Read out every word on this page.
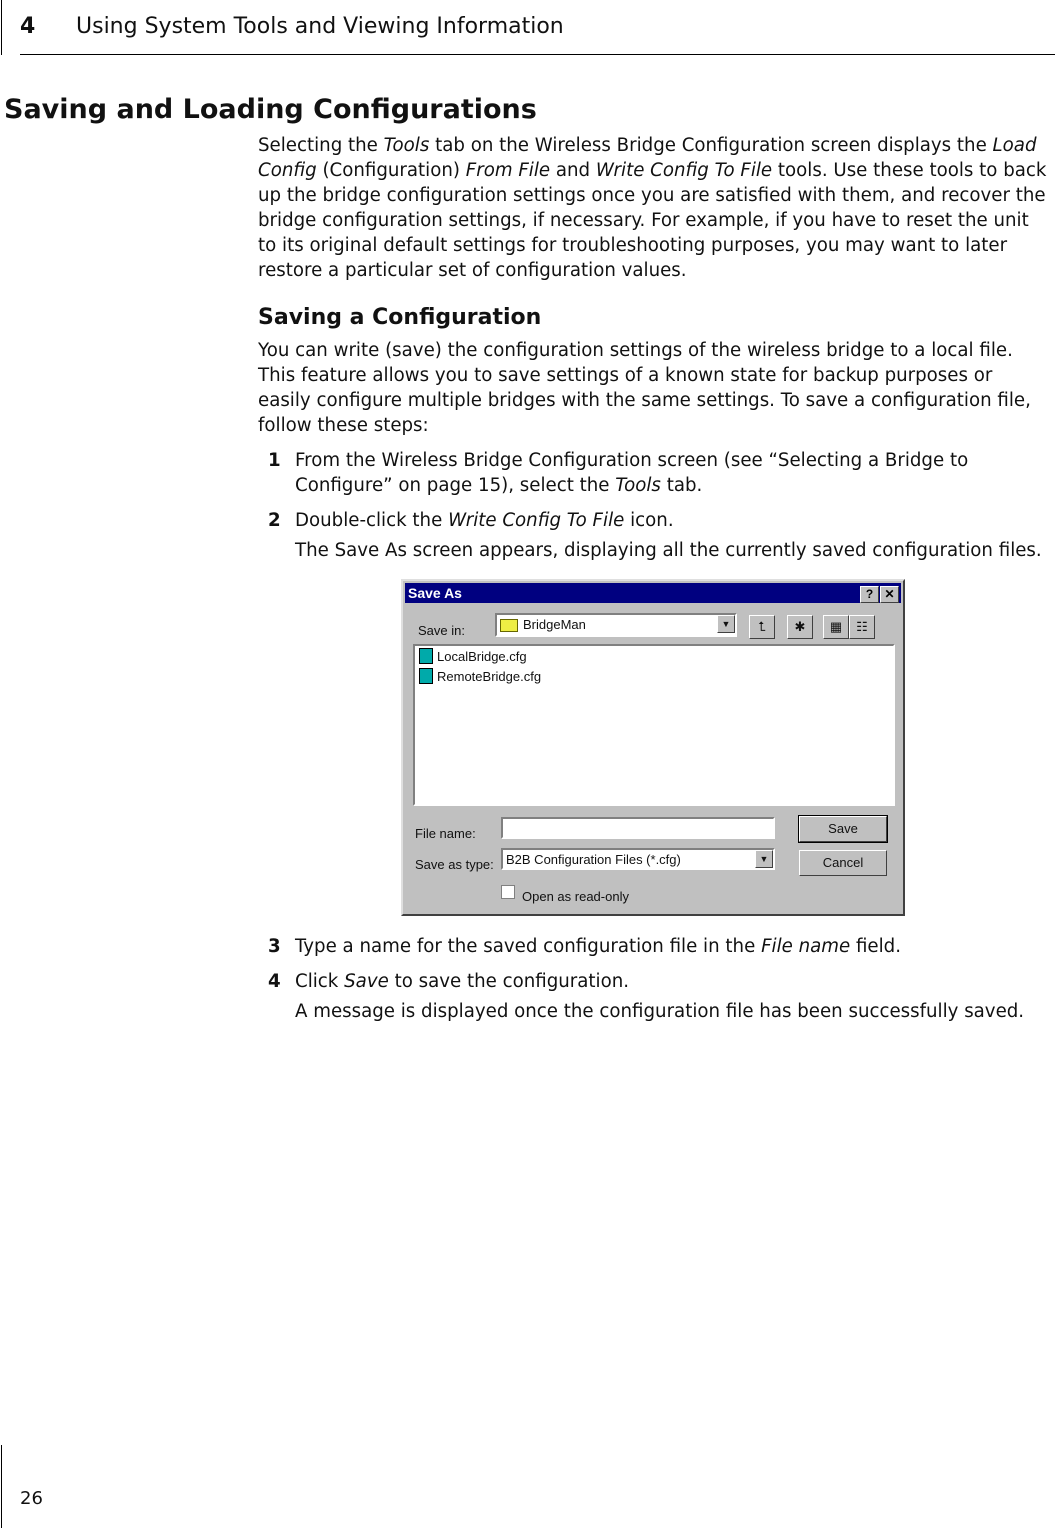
4 Using System Tools and Viewing Information
Saving and Loading Configurations

Selecting the Tools tab on the Wireless Bridge Configuration screen displays the Load Config (Configuration) From File and Write Config To File tools. Use these tools to back up the bridge configuration settings once you are satisfied with them, and recover the bridge configuration settings, if necessary. For example, if you have to reset the unit to its original default settings for troubleshooting purposes, you may want to later restore a particular set of configuration values.

Saving a Configuration

You can write (save) the configuration settings of the wireless bridge to a local file. This feature allows you to save settings of a known state for backup purposes or easily configure multiple bridges with the same settings. To save a configuration file, follow these steps:

1 From the Wireless Bridge Configuration screen (see “Selecting a Bridge to Configure” on page 15), select the Tools tab.
2 Double-click the Write Config To File icon.
The Save As screen appears, displaying all the currently saved configuration files.
Save As	? ✕
Save in:	BridgeMan	▼	⮤	✱	▦	☷
LocalBridge.cfg
RemoteBridge.cfg
File name:
Save as type: B2B Configuration Files (*.cfg)	▼
Open as read-only
Save
Cancel
3 Type a name for the saved configuration file in the File name field.
4 Click Save to save the configuration.
A message is displayed once the configuration file has been successfully saved.
26
